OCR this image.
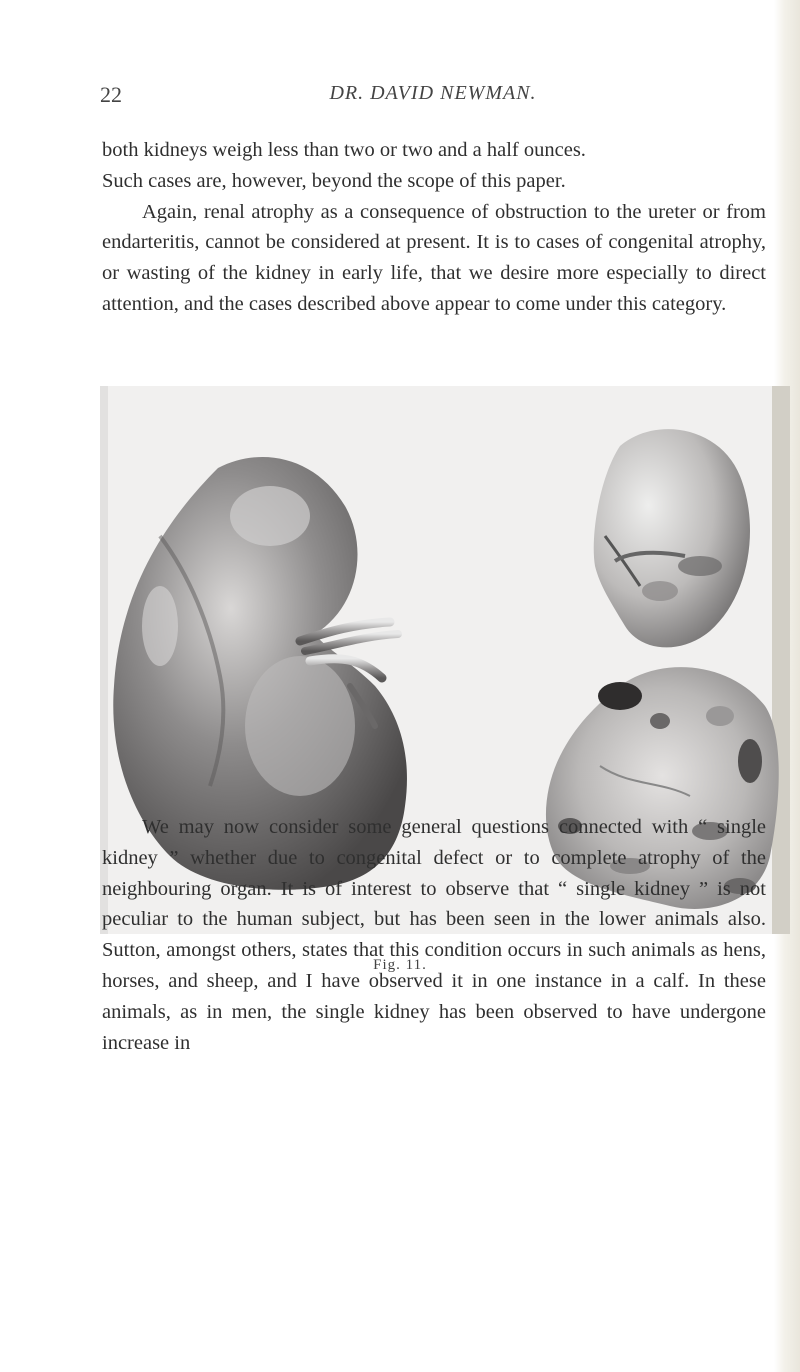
22	DR. DAVID NEWMAN.

both kidneys weigh less than two or two and a half ounces.

Such cases are, however, beyond the scope of this paper.

Again, renal atrophy as a consequence of obstruction to the ureter or from endarteritis, cannot be considered at present. It is to cases of congenital atrophy, or wasting of the kidney in early life, that we desire more especially to direct attention, and the cases described above appear to come under this category.

Fig. 11.

We may now consider some general questions connected with “ single kidney ” whether due to congenital defect or to complete atrophy of the neighbouring organ. It is of interest to observe that “ single kidney ” is not peculiar to the human subject, but has been seen in the lower animals also. Sutton, amongst others, states that this condition occurs in such animals as hens, horses, and sheep, and I have observed it in one instance in a calf. In these animals, as in men, the single kidney has been observed to have undergone increase in
